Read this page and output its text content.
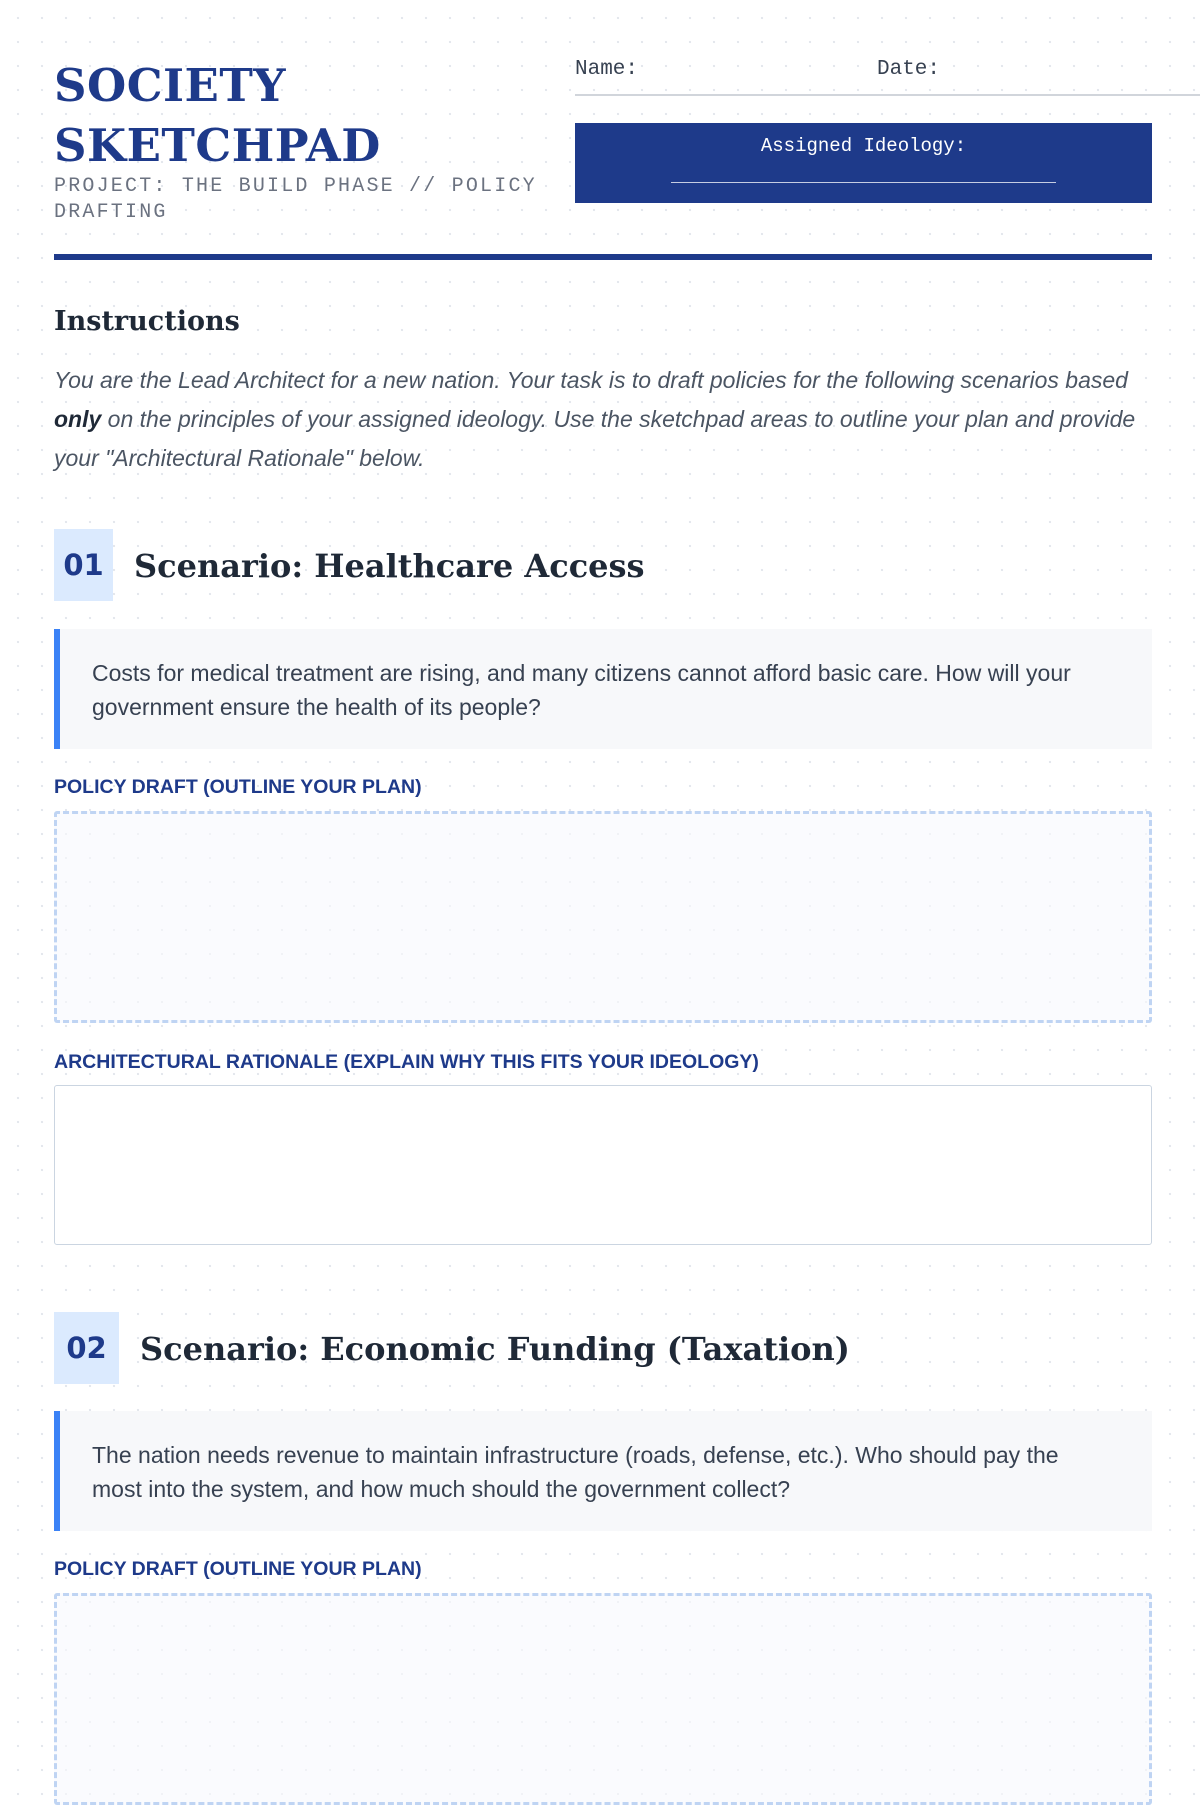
SOCIETY
SKETCHPAD
PROJECT: THE BUILD PHASE // POLICY DRAFTING
Name:	Date:
Assigned Ideology:
Instructions

You are the Lead Architect for a new nation. Your task is to draft policies for the following scenarios based only on the principles of your assigned ideology. Use the sketchpad areas to outline your plan and provide your "Architectural Rationale" below.

01 Scenario: Healthcare Access
Costs for medical treatment are rising, and many citizens cannot afford basic care. How will your government ensure the health of its people?
POLICY DRAFT (OUTLINE YOUR PLAN)
ARCHITECTURAL RATIONALE (EXPLAIN WHY THIS FITS YOUR IDEOLOGY)
02	Scenario: Economic Funding (Taxation)
The nation needs revenue to maintain infrastructure (roads, defense, etc.). Who should pay the most into the system, and how much should the government collect?
POLICY DRAFT (OUTLINE YOUR PLAN)
